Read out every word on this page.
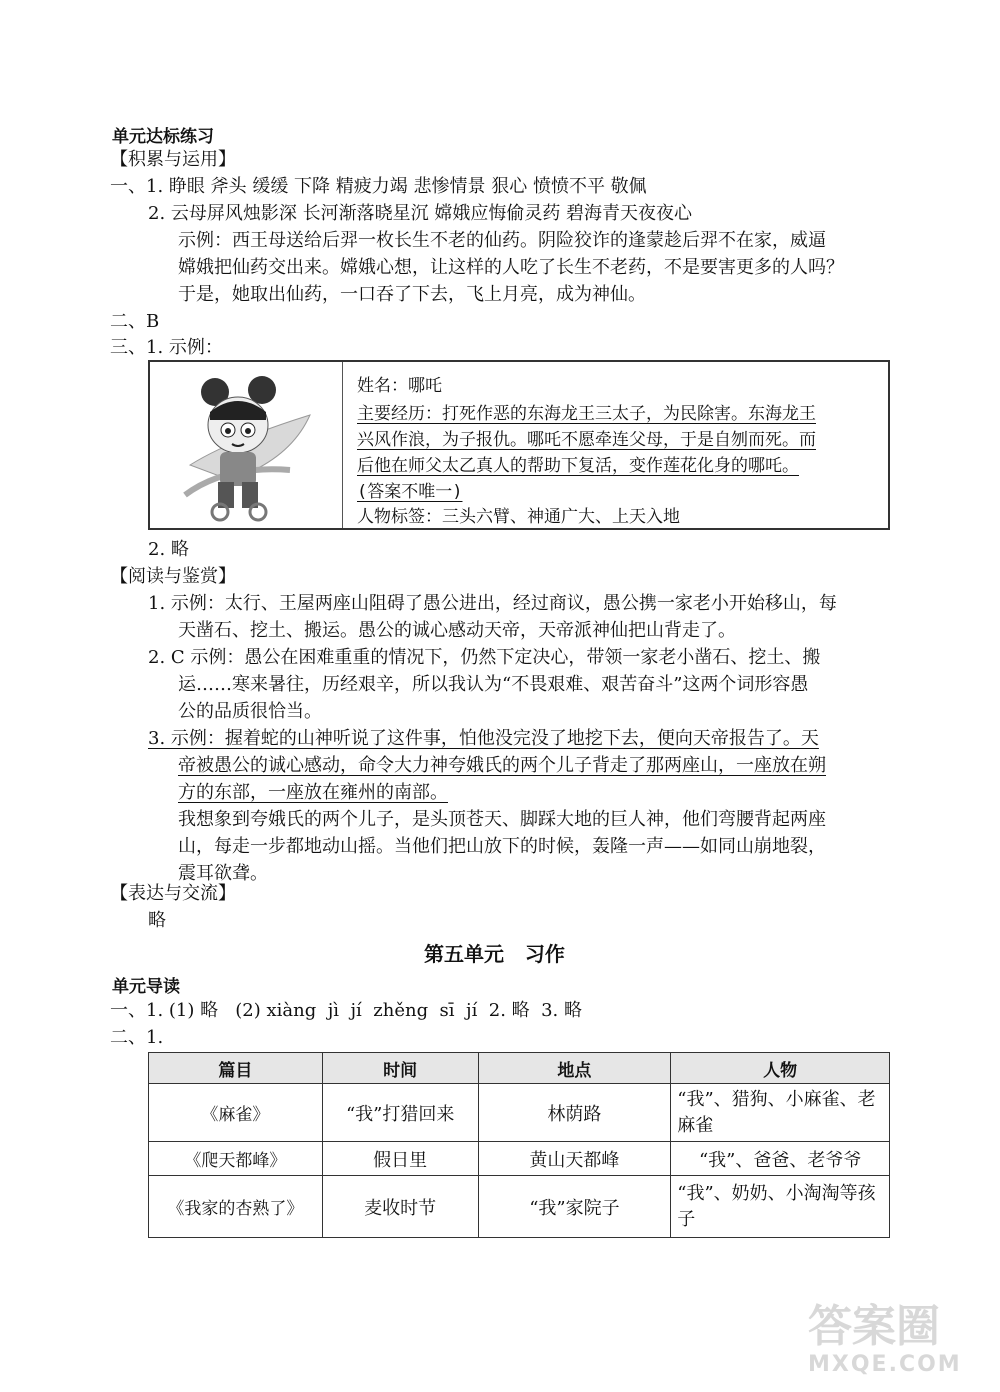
单元达标练习
【积累与运用】
一、1. 睁眼 斧头 缓缓 下降 精疲力竭 悲惨情景 狠心 愤愤不平 敬佩
2. 云母屏风烛影深 长河渐落晓星沉 嫦娥应悔偷灵药 碧海青天夜夜心
示例：西王母送给后羿一枚长生不老的仙药。阴险狡诈的逢蒙趁后羿不在家，威逼
嫦娥把仙药交出来。嫦娥心想，让这样的人吃了长生不老药，不是要害更多的人吗？
于是，她取出仙药，一口吞了下去，飞上月亮，成为神仙。
二、B
三、1. 示例：
姓名：哪吒
主要经历：打死作恶的东海龙王三太子，为民除害。东海龙王
兴风作浪，为子报仇。哪吒不愿牵连父母，于是自刎而死。而
后他在师父太乙真人的帮助下复活，变作莲花化身的哪吒。
(答案不唯一)
人物标签：三头六臂、神通广大、上天入地
2. 略
【阅读与鉴赏】
1. 示例：太行、王屋两座山阻碍了愚公进出，经过商议，愚公携一家老小开始移山，每
天凿石、挖土、搬运。愚公的诚心感动天帝，天帝派神仙把山背走了。
2. C 示例：愚公在困难重重的情况下，仍然下定决心，带领一家老小凿石、挖土、搬
运……寒来暑往，历经艰辛，所以我认为“不畏艰难、艰苦奋斗”这两个词形容愚
公的品质很恰当。
3. 示例：握着蛇的山神听说了这件事，怕他没完没了地挖下去，便向天帝报告了。天
帝被愚公的诚心感动，命令大力神夸娥氏的两个儿子背走了那两座山，一座放在朔
方的东部，一座放在雍州的南部。
我想象到夸娥氏的两个儿子，是头顶苍天、脚踩大地的巨人神，他们弯腰背起两座
山，每走一步都地动山摇。当他们把山放下的时候，轰隆一声——如同山崩地裂，
震耳欲聋。
【表达与交流】
略
第五单元   习作
单元导读
一、1. (1) 略   (2) xiàng  jì  jí  zhěng  sī  jí  2. 略  3. 略
二、1.
篇目	时间	地点	人物
《麻雀》	“我”打猎回来	林荫路	“我”、猎狗、小麻雀、老麻雀
《爬天都峰》	假日里	黄山天都峰	“我”、爸爸、老爷爷
《我家的杏熟了》	麦收时节	“我”家院子	“我”、奶奶、小淘淘等孩子
答案圈
MXQE.COM
